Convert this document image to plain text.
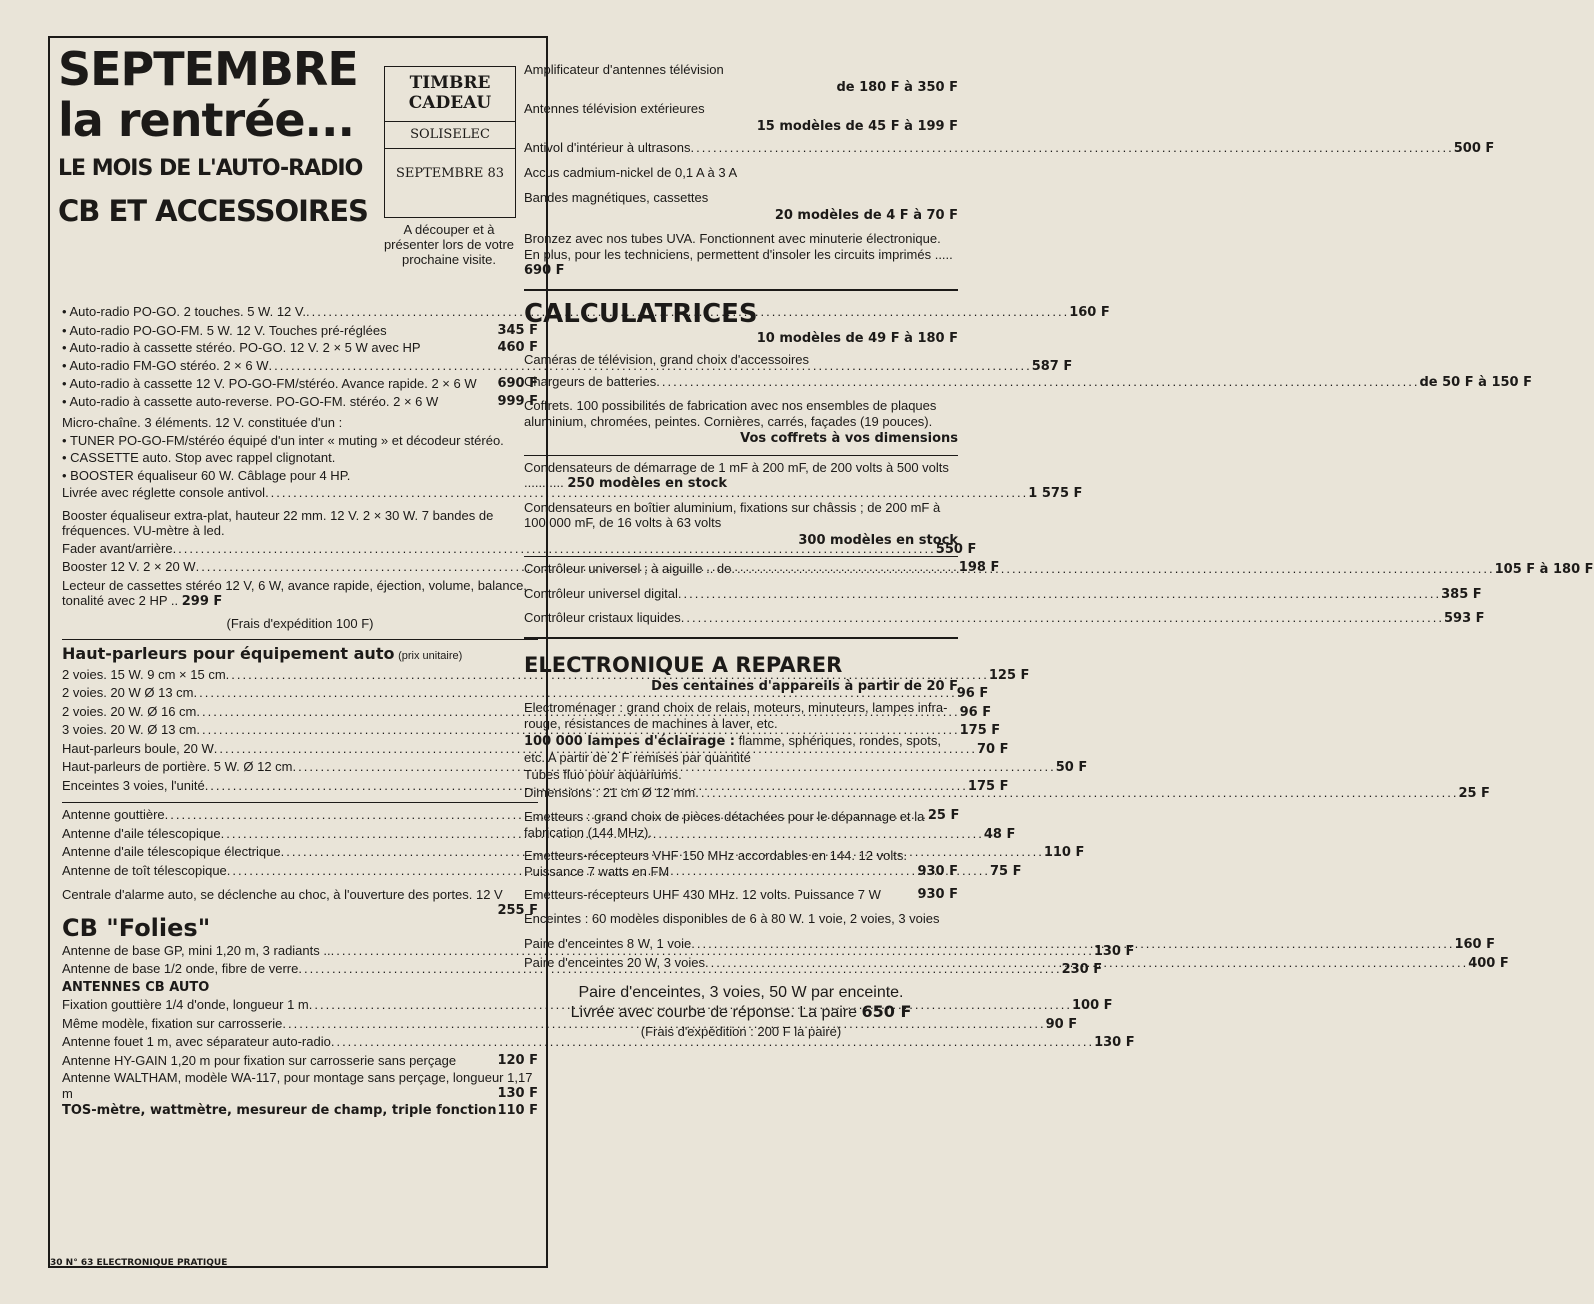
SEPTEMBRE
la rentrée...
LE MOIS DE L'AUTO-RADIO
CB ET ACCESSOIRES
TIMBRE
CADEAU
SOLISELEC
SEPTEMBRE 83
A découper et à présenter lors de votre prochaine visite.
• Auto-radio PO-GO. 2 touches. 5 W. 12 V. .....	160 F
• Auto-radio PO-GO-FM. 5 W. 12 V. Touches pré-réglées	345 F
• Auto-radio à cassette stéréo. PO-GO. 12 V. 2 × 5 W avec HP	460 F
• Auto-radio FM-GO stéréo. 2 × 6 W .....	587 F
• Auto-radio à cassette 12 V. PO-GO-FM/stéréo. Avance rapide. 2 × 6 W 690 F
• Auto-radio à cassette auto-reverse. PO-GO-FM. stéréo. 2 × 6 W	999 F
Micro-chaîne. 3 éléments. 12 V. constituée d'un :
• TUNER PO-GO-FM/stéréo équipé d'un inter « muting » et décodeur stéréo.
• CASSETTE auto. Stop avec rappel clignotant.
• BOOSTER équaliseur 60 W. Câblage pour 4 HP.
Livrée avec réglette console antivol .....	1 575 F
Booster équaliseur extra-plat, hauteur 22 mm. 12 V. 2 × 30 W. 7 bandes de fréquences. VU-mètre à led.
Fader avant/arrière .....	550 F
Booster 12 V. 2 × 20 W .....	198 F
Lecteur de cassettes stéréo 12 V, 6 W, avance rapide, éjection, volume, balance, tonalité avec 2 HP .. 299 F
(Frais d'expédition 100 F)
Haut-parleurs pour équipement auto (prix unitaire)
2 voies. 15 W. 9 cm × 15 cm .....	125 F
2 voies. 20 W Ø 13 cm .....	96 F
2 voies. 20 W. Ø 16 cm .....	96 F
3 voies. 20 W. Ø 13 cm .....	175 F
Haut-parleurs boule, 20 W .....	70 F
Haut-parleurs de portière. 5 W. Ø 12 cm .....	50 F
Enceintes 3 voies, l'unité .....	175 F
Antenne gouttière .....	25 F
Antenne d'aile télescopique .....	48 F
Antenne d'aile télescopique électrique .....	110 F
Antenne de toît télescopique .....	75 F
Centrale d'alarme auto, se déclenche au choc, à l'ouverture des portes. 12 V
255 F
CB "Folies"
Antenne de base GP, mini 1,20 m, 3 radiants .. .....	130 F
Antenne de base 1/2 onde, fibre de verre .....	230 F
ANTENNES CB AUTO
Fixation gouttière 1/4 d'onde, longueur 1 m .....	100 F
Même modèle, fixation sur carrosserie .....	90 F
Antenne fouet 1 m, avec séparateur auto-radio .....	130 F
Antenne HY-GAIN 1,20 m pour fixation sur carrosserie sans perçage	120 F
Antenne WALTHAM, modèle WA-117, pour montage sans perçage, longueur 1,17 m	130 F
TOS-mètre, wattmètre, mesureur de champ, triple fonction 110 F
Amplificateur d'antennes télévision
de 180 F à 350 F
Antennes télévision extérieures
15 modèles de 45 F à 199 F
Antivol d'intérieur à ultrasons .....	500 F
Accus cadmium-nickel de 0,1 A à 3 A
Bandes magnétiques, cassettes
20 modèles de 4 F à 70 F
Bronzez avec nos tubes UVA. Fonctionnent avec minuterie électronique. En plus, pour les techniciens, permettent d'insoler les circuits imprimés ..... 690 F
CALCULATRICES
10 modèles de 49 F à 180 F
Caméras de télévision, grand choix d'accessoires
Chargeurs de batteries .....	de 50 F à 150 F
Coffrets. 100 possibilités de fabrication avec nos ensembles de plaques aluminium, chromées, peintes. Cornières, carrés, façades (19 pouces).
Vos coffrets à vos dimensions
Condensateurs de démarrage de 1 mF à 200 mF, de 200 volts à 500 volts ........... 250 modèles en stock
Condensateurs en boîtier aluminium, fixations sur châssis ; de 200 mF à 100 000 mF, de 16 volts à 63 volts
300 modèles en stock
Contrôleur universel ; à aiguille .. de .....	105 F à 180 F
Contrôleur universel digital .....	385 F
Contrôleur cristaux liquides .....	593 F
ELECTRONIQUE A REPARER
Des centaines d'appareils à partir de 20 F
Electroménager : grand choix de relais, moteurs, minuteurs, lampes infra-rouge, résistances de machines à laver, etc.
100 000 lampes d'éclairage : flamme, sphériques, rondes, spots, etc. A partir de 2 F remises par quantité
Tubes fluo pour aquariums.
Dimensions : 21 cm Ø 12 mm .....	25 F
Emetteurs : grand choix de pièces détachées pour le dépannage et la fabrication (144 MHz).
Emetteurs-récepteurs VHF 150 MHz accordables en 144. 12 volts. Puissance 7 watts en FM	930 F
Emetteurs-récepteurs UHF 430 MHz. 12 volts. Puissance 7 W	930 F
Enceintes : 60 modèles disponibles de 6 à 80 W. 1 voie, 2 voies, 3 voies
Paire d'enceintes 8 W, 1 voie .....	160 F
Paire d'enceintes 20 W, 3 voies .....	400 F
Paire d'enceintes, 3 voies, 50 W par enceinte.
Livrée avec courbe de réponse. La paire 650 F
(Frais d'expédition : 200 F la paire)
30 N° 63 ELECTRONIQUE PRATIQUE
